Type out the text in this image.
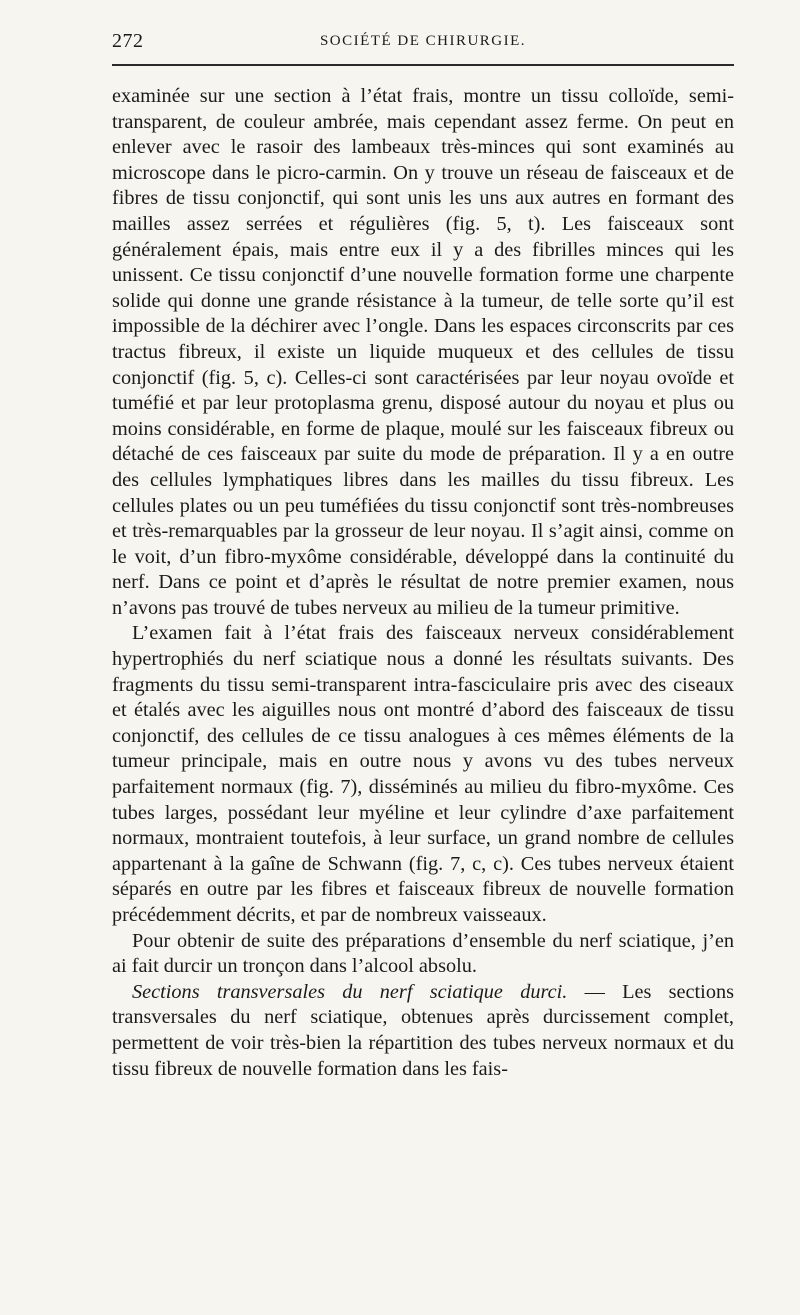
272	SOCIÉTÉ DE CHIRURGIE.

examinée sur une section à l’état frais, montre un tissu colloïde, semi-transparent, de couleur ambrée, mais cependant assez ferme. On peut en enlever avec le rasoir des lambeaux très-minces qui sont examinés au microscope dans le picro-carmin. On y trouve un réseau de faisceaux et de fibres de tissu conjonctif, qui sont unis les uns aux autres en formant des mailles assez serrées et régulières (fig. 5, t). Les faisceaux sont généralement épais, mais entre eux il y a des fibrilles minces qui les unissent. Ce tissu conjonctif d’une nouvelle formation forme une charpente solide qui donne une grande résistance à la tumeur, de telle sorte qu’il est impossible de la déchirer avec l’ongle. Dans les espaces circonscrits par ces tractus fibreux, il existe un liquide muqueux et des cellules de tissu conjonctif (fig. 5, c). Celles-ci sont caractérisées par leur noyau ovoïde et tuméfié et par leur protoplasma grenu, disposé autour du noyau et plus ou moins considérable, en forme de plaque, moulé sur les faisceaux fibreux ou détaché de ces faisceaux par suite du mode de préparation. Il y a en outre des cellules lymphatiques libres dans les mailles du tissu fibreux. Les cellules plates ou un peu tuméfiées du tissu conjonctif sont très-nombreuses et très-remarquables par la grosseur de leur noyau. Il s’agit ainsi, comme on le voit, d’un fibro-myxôme considérable, développé dans la continuité du nerf. Dans ce point et d’après le résultat de notre premier examen, nous n’avons pas trouvé de tubes nerveux au milieu de la tumeur primitive.

L’examen fait à l’état frais des faisceaux nerveux considérablement hypertrophiés du nerf sciatique nous a donné les résultats suivants. Des fragments du tissu semi-transparent intra-fasciculaire pris avec des ciseaux et étalés avec les aiguilles nous ont montré d’abord des faisceaux de tissu conjonctif, des cellules de ce tissu analogues à ces mêmes éléments de la tumeur principale, mais en outre nous y avons vu des tubes nerveux parfaitement normaux (fig. 7), disséminés au milieu du fibro-myxôme. Ces tubes larges, possédant leur myéline et leur cylindre d’axe parfaitement normaux, montraient toutefois, à leur surface, un grand nombre de cellules appartenant à la gaîne de Schwann (fig. 7, c, c). Ces tubes nerveux étaient séparés en outre par les fibres et faisceaux fibreux de nouvelle formation précédemment décrits, et par de nombreux vaisseaux.

Pour obtenir de suite des préparations d’ensemble du nerf sciatique, j’en ai fait durcir un tronçon dans l’alcool absolu.

Sections transversales du nerf sciatique durci. — Les sections transversales du nerf sciatique, obtenues après durcissement complet, permettent de voir très-bien la répartition des tubes nerveux normaux et du tissu fibreux de nouvelle formation dans les fais-
